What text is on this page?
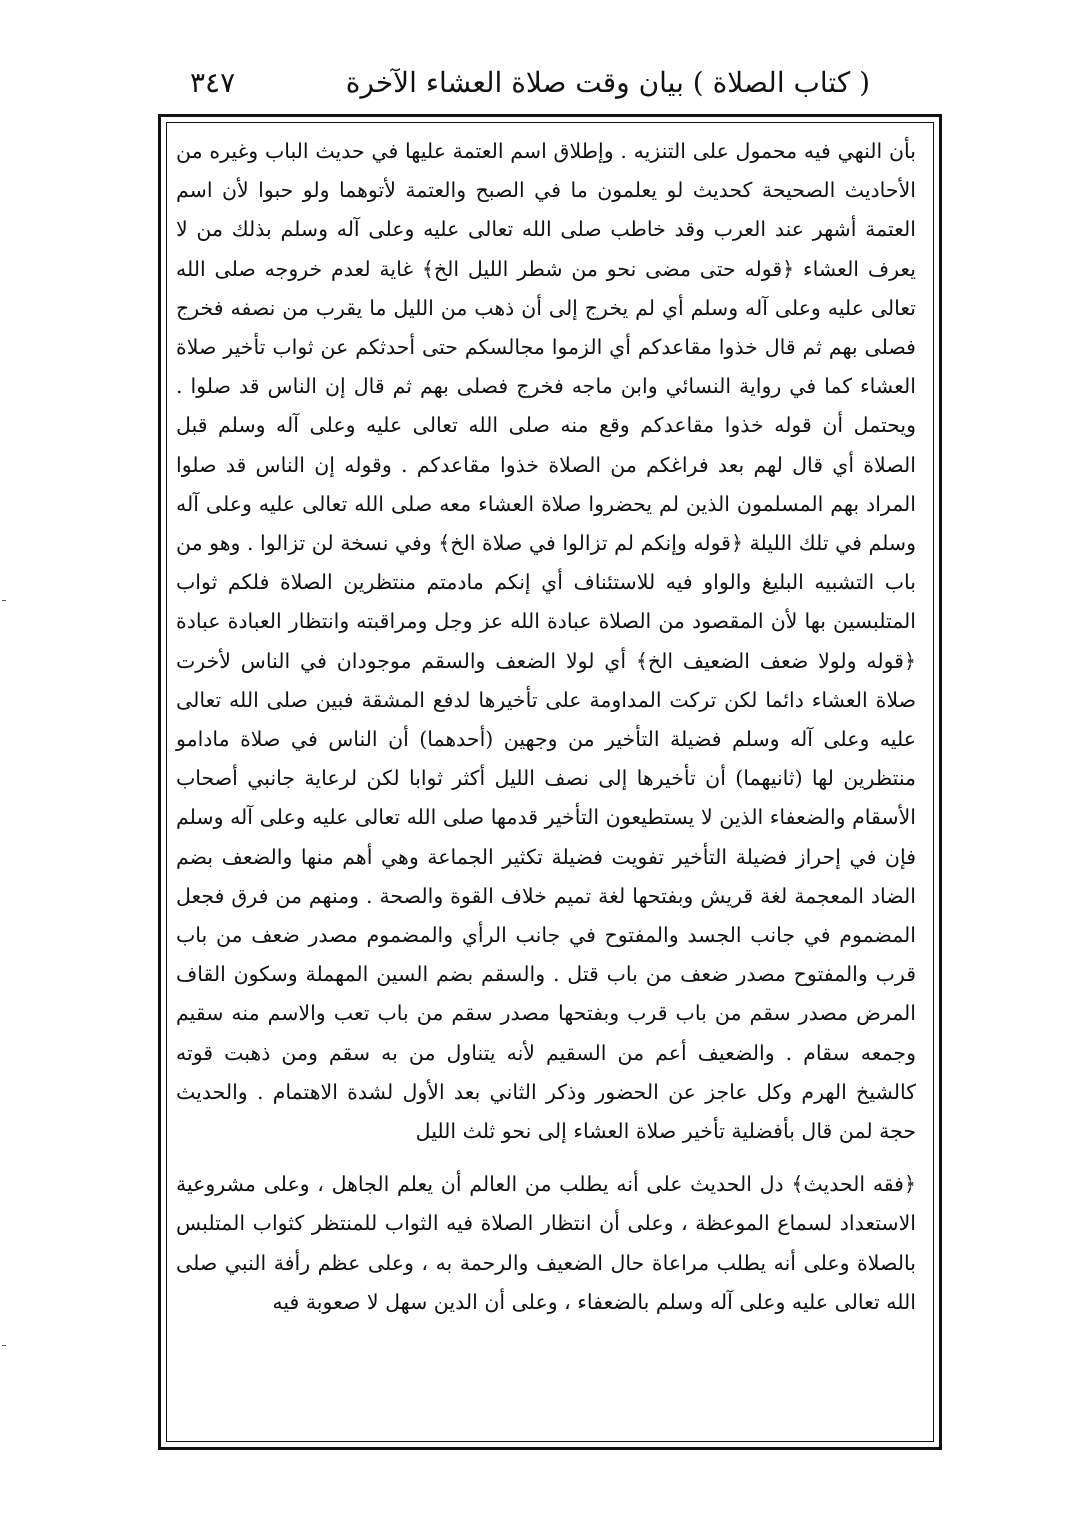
( كتاب الصلاة ) بيان وقت صلاة العشاء الآخرة
٣٤٧

بأن النهي فيه محمول على التنزيه . وإطلاق اسم العتمة عليها في حديث الباب وغيره من الأحاديث الصحيحة كحديث لو يعلمون ما في الصبح والعتمة لأتوهما ولو حبوا لأن اسم العتمة أشهر عند العرب وقد خاطب صلى الله تعالى عليه وعلى آله وسلم بذلك من لا يعرف العشاء ﴿قوله حتى مضى نحو من شطر الليل الخ﴾ غاية لعدم خروجه صلى الله تعالى عليه وعلى آله وسلم أي لم يخرج إلى أن ذهب من الليل ما يقرب من نصفه فخرج فصلى بهم ثم قال خذوا مقاعدكم أي الزموا مجالسكم حتى أحدثكم عن ثواب تأخير صلاة العشاء كما في رواية النسائي وابن ماجه فخرج فصلى بهم ثم قال إن الناس قد صلوا . ويحتمل أن قوله خذوا مقاعدكم وقع منه صلى الله تعالى عليه وعلى آله وسلم قبل الصلاة أي قال لهم بعد فراغكم من الصلاة خذوا مقاعدكم . وقوله إن الناس قد صلوا المراد بهم المسلمون الذين لم يحضروا صلاة العشاء معه صلى الله تعالى عليه وعلى آله وسلم في تلك الليلة ﴿قوله وإنكم لم تزالوا في صلاة الخ﴾ وفي نسخة لن تزالوا . وهو من باب التشبيه البليغ والواو فيه للاستئناف أي إنكم مادمتم منتظرين الصلاة فلكم ثواب المتلبسين بها لأن المقصود من الصلاة عبادة الله عز وجل ومراقبته وانتظار العبادة عبادة ﴿قوله ولولا ضعف الضعيف الخ﴾ أي لولا الضعف والسقم موجودان في الناس لأخرت صلاة العشاء دائما لكن تركت المداومة على تأخيرها لدفع المشقة فبين صلى الله تعالى عليه وعلى آله وسلم فضيلة التأخير من وجهين (أحدهما) أن الناس في صلاة مادامو منتظرين لها (ثانيهما) أن تأخيرها إلى نصف الليل أكثر ثوابا لكن لرعاية جانبي أصحاب الأسقام والضعفاء الذين لا يستطيعون التأخير قدمها صلى الله تعالى عليه وعلى آله وسلم فإن في إحراز فضيلة التأخير تفويت فضيلة تكثير الجماعة وهي أهم منها والضعف بضم الضاد المعجمة لغة قريش وبفتحها لغة تميم خلاف القوة والصحة . ومنهم من فرق فجعل المضموم في جانب الجسد والمفتوح في جانب الرأي والمضموم مصدر ضعف من باب قرب والمفتوح مصدر ضعف من باب قتل . والسقم بضم السين المهملة وسكون القاف المرض مصدر سقم من باب قرب وبفتحها مصدر سقم من باب تعب والاسم منه سقيم وجمعه سقام . والضعيف أعم من السقيم لأنه يتناول من به سقم ومن ذهبت قوته كالشيخ الهرم وكل عاجز عن الحضور وذكر الثاني بعد الأول لشدة الاهتمام . والحديث حجة لمن قال بأفضلية تأخير صلاة العشاء إلى نحو ثلث الليل

﴿فقه الحديث﴾ دل الحديث على أنه يطلب من العالم أن يعلم الجاهل ، وعلى مشروعية الاستعداد لسماع الموعظة ، وعلى أن انتظار الصلاة فيه الثواب للمنتظر كثواب المتلبس بالصلاة وعلى أنه يطلب مراعاة حال الضعيف والرحمة به ، وعلى عظم رأفة النبي صلى الله تعالى عليه وعلى آله وسلم بالضعفاء ، وعلى أن الدين سهل لا صعوبة فيه
